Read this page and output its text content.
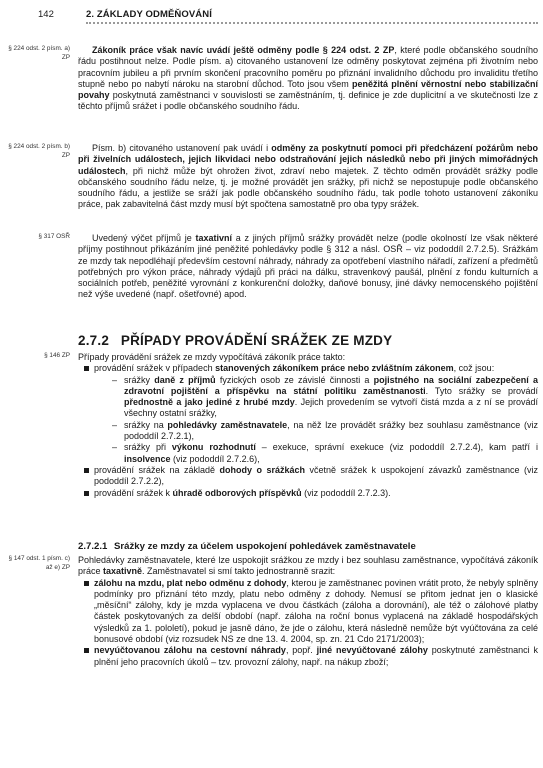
142	2. ZÁKLADY ODMĚŇOVÁNÍ
§ 224 odst. 2 písm. a) ZP
§ 224 odst. 2 písm. b) ZP
§ 317 OSŘ
§ 146 ZP
§ 147 odst. 1 písm. c) až e) ZP

Zákoník práce však navíc uvádí ještě odměny podle § 224 odst. 2 ZP, které podle občanského soudního řádu postihnout nelze. Podle písm. a) citovaného ustanovení lze odměny poskytovat zejména při životním nebo pracovním jubileu a při prvním skončení pracovního poměru po přiznání invalidního důchodu pro invaliditu třetího stupně nebo po nabytí nároku na starobní důchod. Toto jsou všem peněžitá plnění věrnostní nebo stabilizační povahy poskytnutá zaměstnanci v souvislosti se zaměstnáním, tj. definice je zde duplicitní a ve skutečnosti lze z těchto příjmů srážet i podle občanského soudního řádu.

Písm. b) citovaného ustanovení pak uvádí i odměny za poskytnutí pomoci při předcházení požárům nebo při živelních událostech, jejich likvidaci nebo odstraňování jejich následků nebo při jiných mimořádných událostech, při nichž může být ohrožen život, zdraví nebo majetek. Z těchto odměn provádět srážky podle občanského soudního řádu nelze, tj. je možné provádět jen srážky, při nichž se nepostupuje podle občanského soudního řádu, a jestliže se sráží jak podle občanského soudního řádu, tak podle tohoto ustanovení zákoníku práce, pak zabavitelná část mzdy musí být spočtena samostatně pro oba typy srážek.

Uvedený výčet příjmů je taxativní a z jiných příjmů srážky provádět nelze (podle okolností lze však některé příjmy postihnout přikázáním jiné peněžité pohledávky podle § 312 a násl. OSŘ – viz pododdíl 2.7.2.5). Srážkám ze mzdy tak nepodléhají především cestovní náhrady, náhrady za opotřebení vlastního nářadí, zařízení a předmětů potřebných pro výkon práce, náhrady výdajů při práci na dálku, stravenkový paušál, plnění z fondu kulturních a sociálních potřeb, peněžité vyrovnání z konkurenční doložky, daňové bonusy, jiné dávky nemocenského pojištění než výše uvedené (např. ošetřovné) apod.

2.7.2 PŘÍPADY PROVÁDĚNÍ SRÁŽEK ZE MZDY

Případy provádění srážek ze mzdy vypočítává zákoník práce takto:

provádění srážek v případech stanovených zákoníkem práce nebo zvláštním zákonem, což jsou:
– srážky daně z příjmů fyzických osob ze závislé činnosti a pojistného na sociální zabezpečení a zdravotní pojištění a příspěvku na státní politiku zaměstnanosti. Tyto srážky se provádí přednostně a jako jediné z hrubé mzdy. Jejich provedením se vytvoří čistá mzda a z ní se provádí všechny ostatní srážky,
– srážky na pohledávky zaměstnavatele, na něž lze provádět srážky bez souhlasu zaměstnance (viz pododdíl 2.7.2.1),
– srážky při výkonu rozhodnutí – exekuce, správní exekuce (viz pododdíl 2.7.2.4), kam patří i insolvence (viz pododdíl 2.7.2.6),
provádění srážek na základě dohody o srážkách včetně srážek k uspokojení závazků zaměstnance (viz pododdíl 2.7.2.2),
provádění srážek k úhradě odborových příspěvků (viz pododdíl 2.7.2.3).
2.7.2.1 Srážky ze mzdy za účelem uspokojení pohledávek zaměstnavatele

Pohledávky zaměstnavatele, které lze uspokojit srážkou ze mzdy i bez souhlasu zaměstnance, vypočítává zákoník práce taxativně. Zaměstnavatel si smí takto jednostranně srazit:

zálohu na mzdu, plat nebo odměnu z dohody, kterou je zaměstnanec povinen vrátit proto, že nebyly splněny podmínky pro přiznání této mzdy, platu nebo odměny z dohody. Nemusí se přitom jednat jen o klasické „měsíční“ zálohy, kdy je mzda vyplacena ve dvou částkách (záloha a dorovnání), ale též o zálohové platby částek poskytovaných za delší období (např. záloha na roční bonus vyplacená na základě hospodářských výsledků za 1. pololetí), pokud je jasně dáno, že jde o zálohu, která následně nemůže být vyúčtována za celé bonusové období (viz rozsudek NS ze dne 13. 4. 2004, sp. zn. 21 Cdo 2171/2003);
nevyúčtovanou zálohu na cestovní náhrady, popř. jiné nevyúčtované zálohy poskytnuté zaměstnanci k plnění jeho pracovních úkolů – tzv. provozní zálohy, např. na nákup zboží;
